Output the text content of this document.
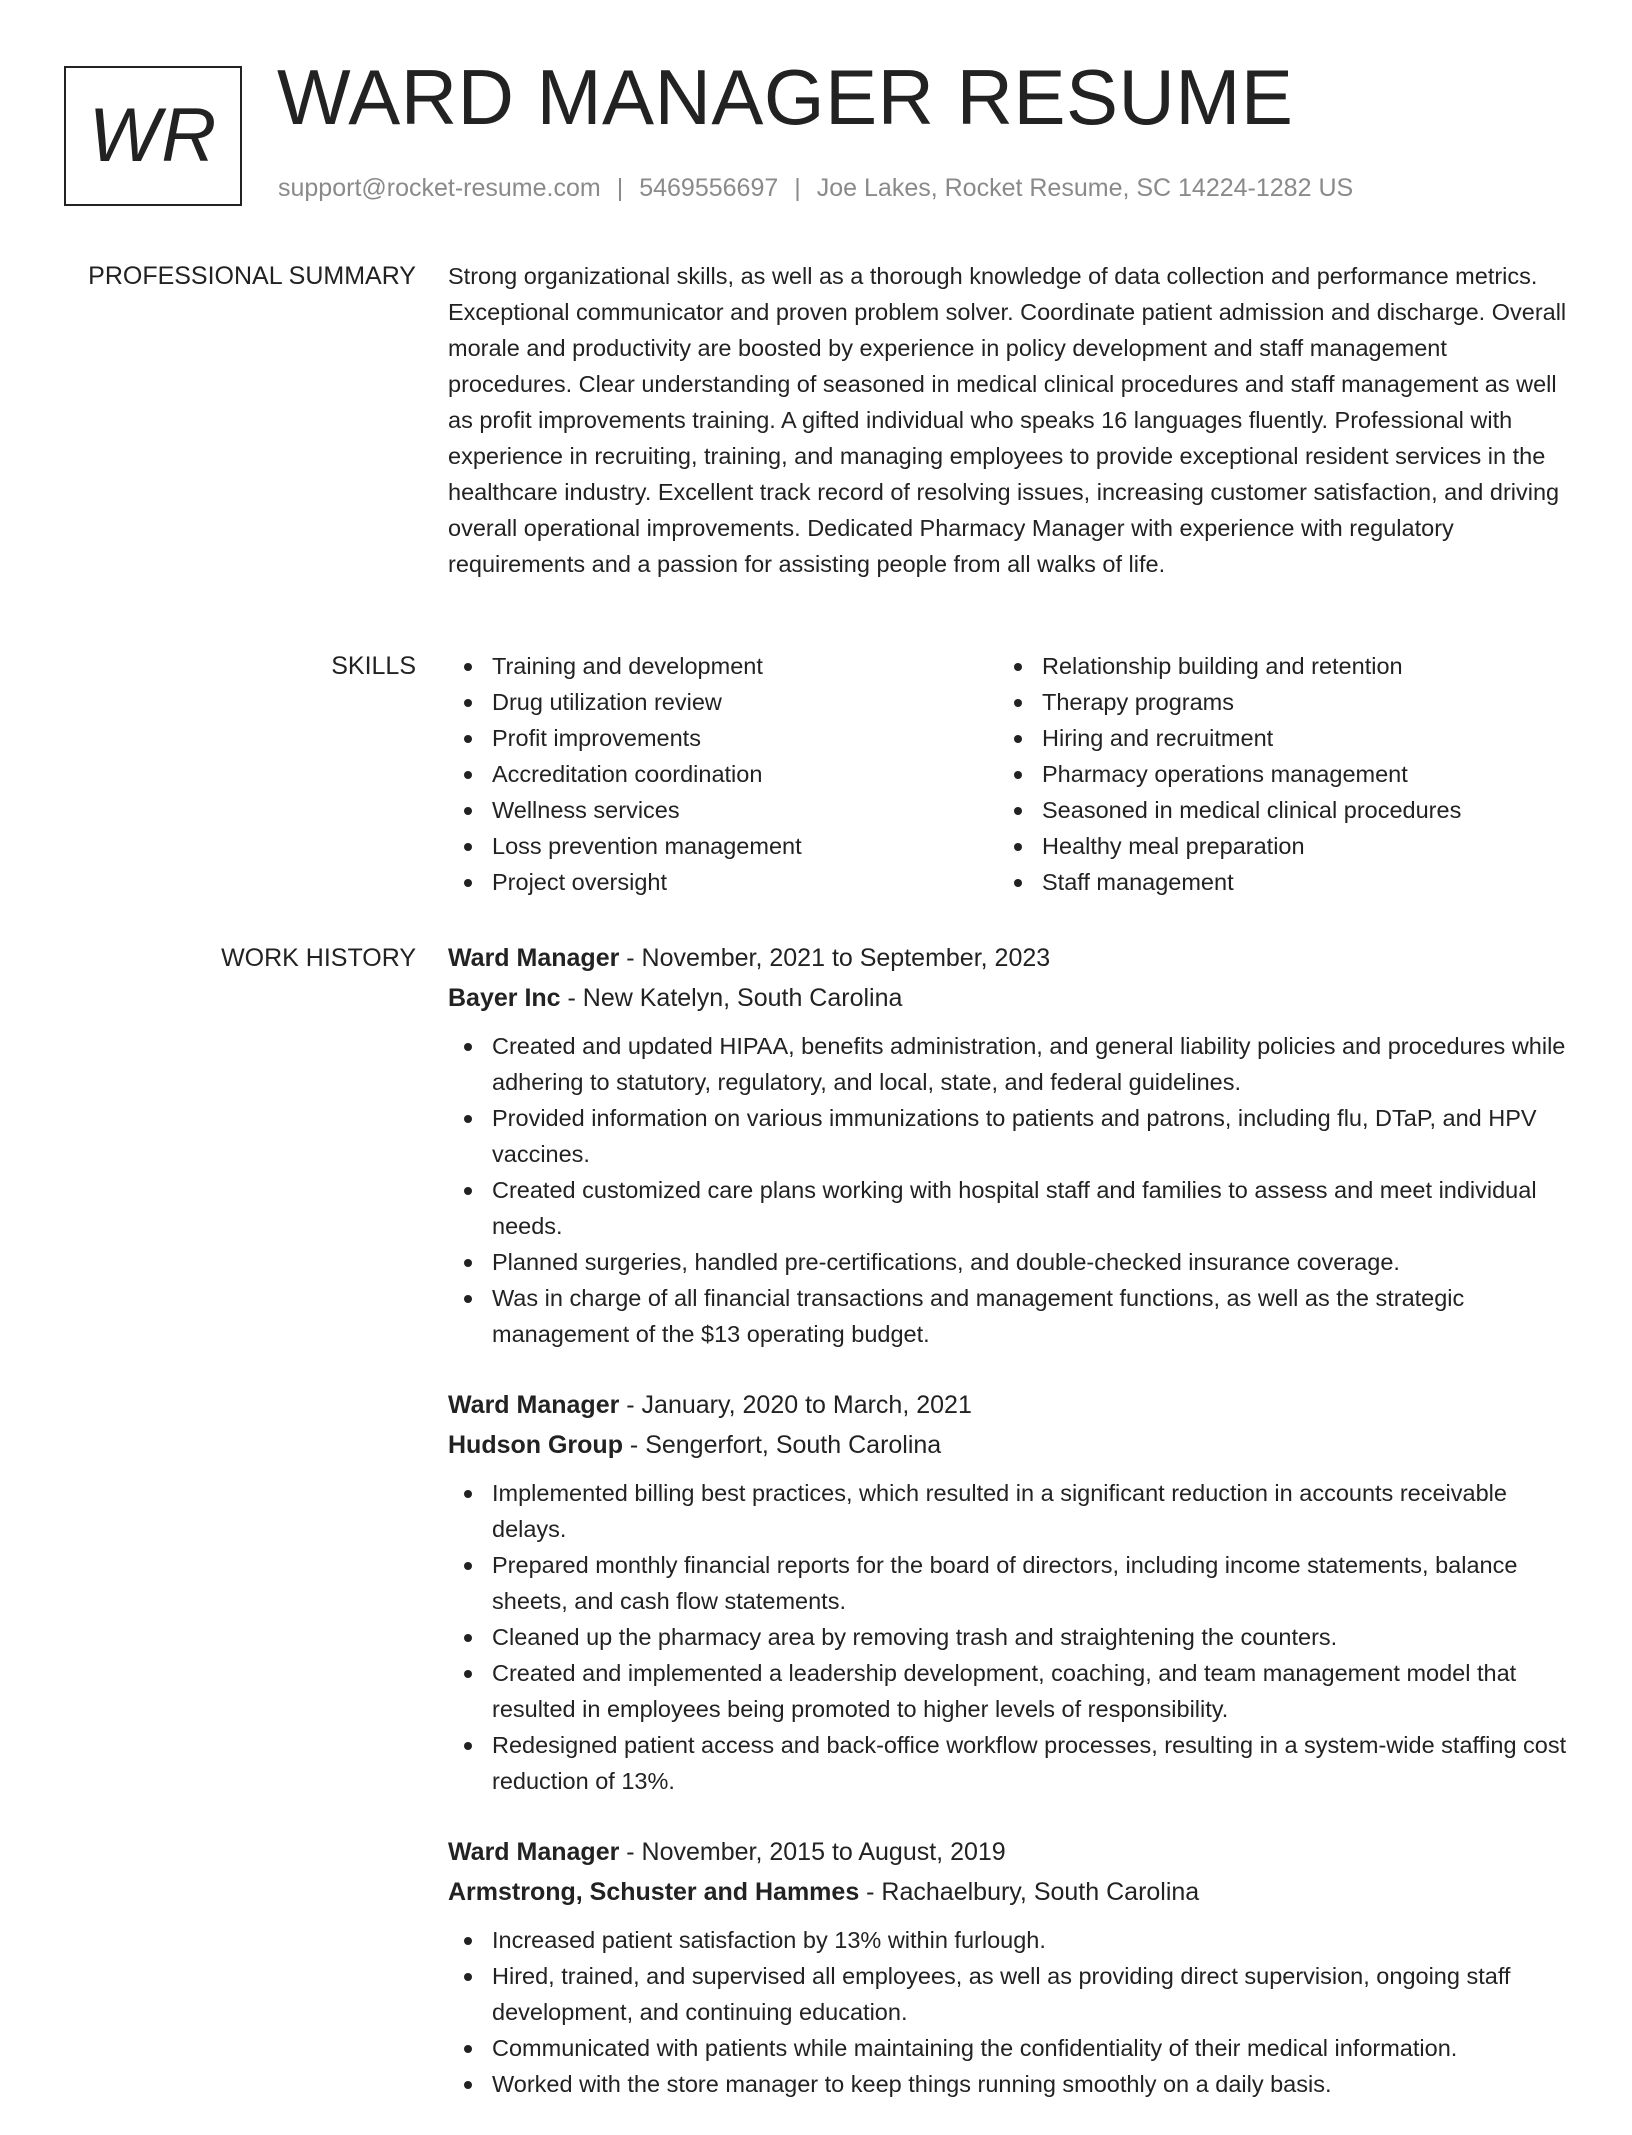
WR WARD MANAGER RESUME
support@rocket-resume.com | 5469556697 | Joe Lakes, Rocket Resume, SC 14224-1282 US
PROFESSIONAL SUMMARY Strong organizational skills, as well as a thorough knowledge of data collection and performance metrics. Exceptional communicator and proven problem solver. Coordinate patient admission and discharge. Overall morale and productivity are boosted by experience in policy development and staff management procedures. Clear understanding of seasoned in medical clinical procedures and staff management as well as profit improvements training. A gifted individual who speaks 16 languages fluently. Professional with experience in recruiting, training, and managing employees to provide exceptional resident services in the healthcare industry. Excellent track record of resolving issues, increasing customer satisfaction, and driving overall operational improvements. Dedicated Pharmacy Manager with experience with regulatory requirements and a passion for assisting people from all walks of life.

SKILLS	Training and development
Drug utilization review
Profit improvements
Accreditation coordination
Wellness services
Loss prevention management
Project oversight
Relationship building and retention
Therapy programs
Hiring and recruitment
Pharmacy operations management
Seasoned in medical clinical procedures
Healthy meal preparation
Staff management
WORK HISTORY Ward Manager - November, 2021 to September, 2023
Bayer Inc - New Katelyn, South Carolina
Created and updated HIPAA, benefits administration, and general liability policies and procedures while adhering to statutory, regulatory, and local, state, and federal guidelines.
Provided information on various immunizations to patients and patrons, including flu, DTaP, and HPV vaccines.
Created customized care plans working with hospital staff and families to assess and meet individual needs.
Planned surgeries, handled pre-certifications, and double-checked insurance coverage.
Was in charge of all financial transactions and management functions, as well as the strategic management of the $13 operating budget.
Ward Manager - January, 2020 to March, 2021
Hudson Group - Sengerfort, South Carolina
Implemented billing best practices, which resulted in a significant reduction in accounts receivable delays.
Prepared monthly financial reports for the board of directors, including income statements, balance sheets, and cash flow statements.
Cleaned up the pharmacy area by removing trash and straightening the counters.
Created and implemented a leadership development, coaching, and team management model that resulted in employees being promoted to higher levels of responsibility.
Redesigned patient access and back-office workflow processes, resulting in a system-wide staffing cost reduction of 13%.
Ward Manager - November, 2015 to August, 2019
Armstrong, Schuster and Hammes - Rachaelbury, South Carolina
Increased patient satisfaction by 13% within furlough.
Hired, trained, and supervised all employees, as well as providing direct supervision, ongoing staff development, and continuing education.
Communicated with patients while maintaining the confidentiality of their medical information.
Worked with the store manager to keep things running smoothly on a daily basis.
